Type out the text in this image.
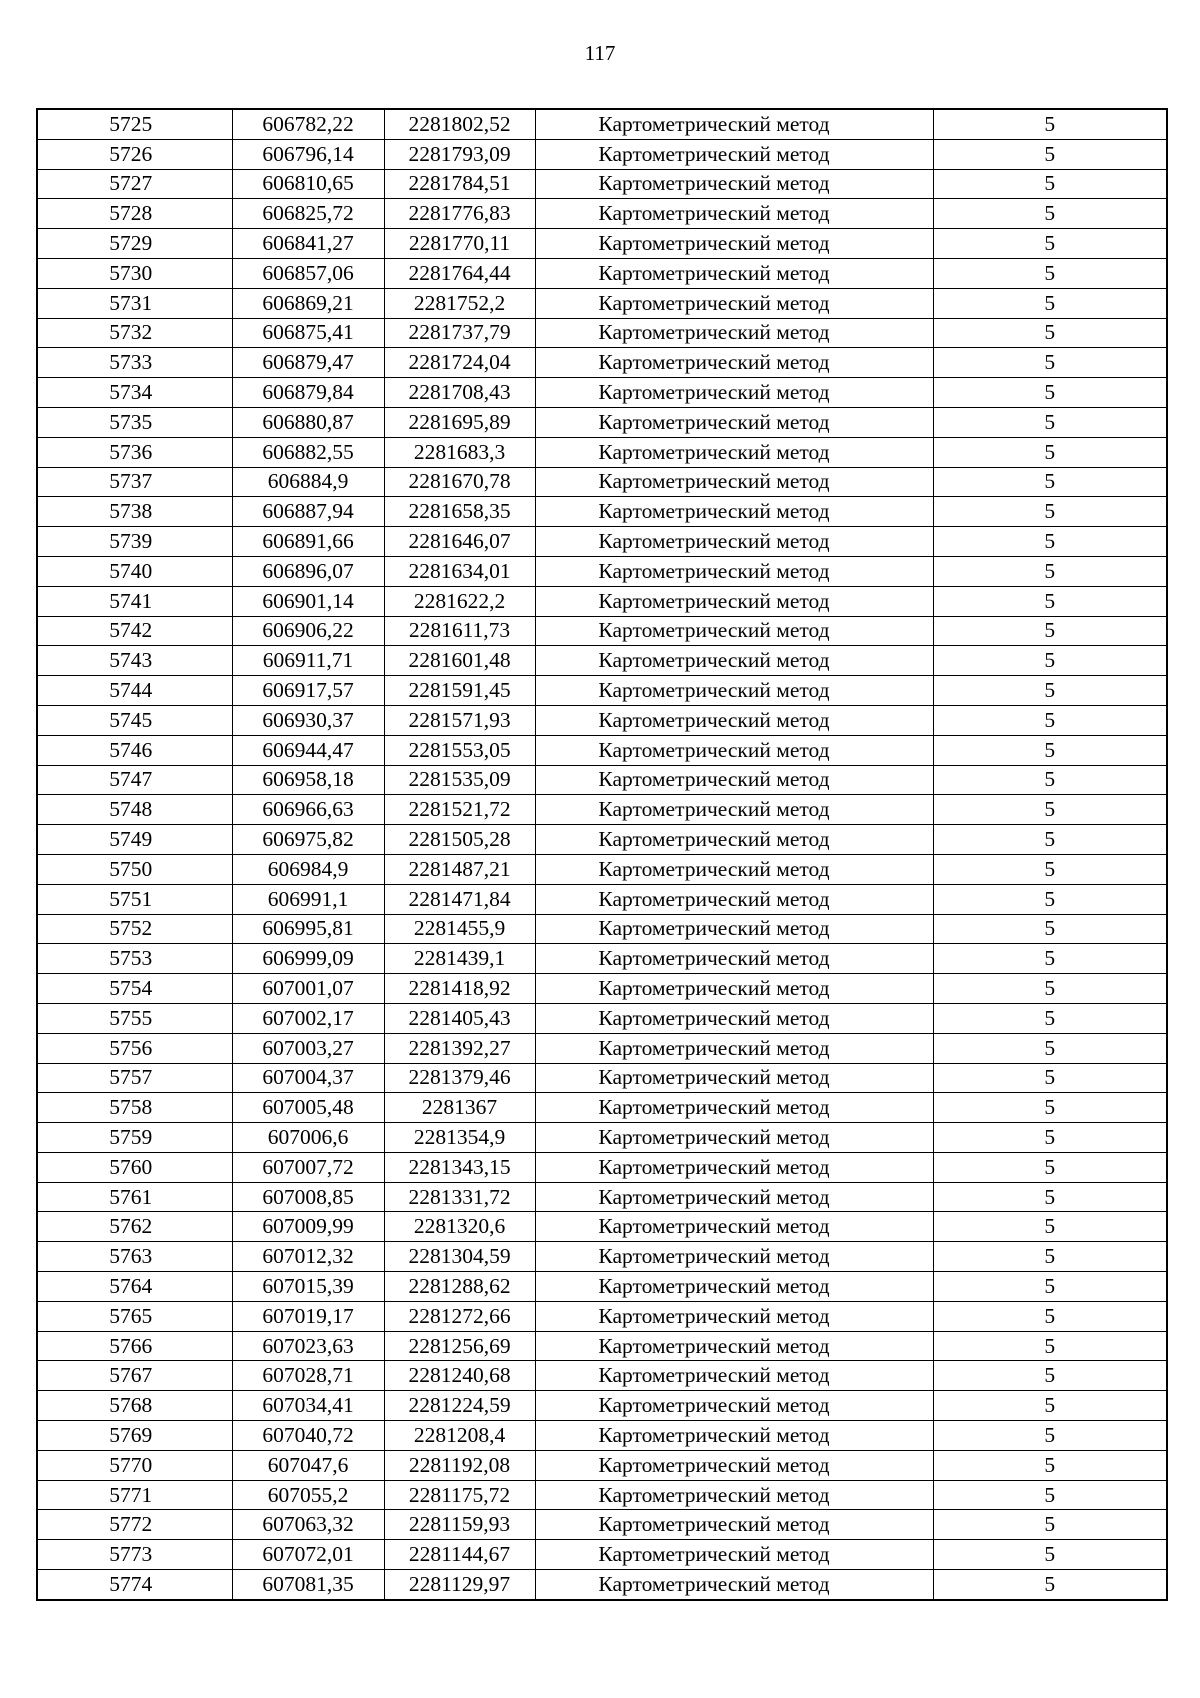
117
5725	606782,22	2281802,52	Картометрический метод	5
5726	606796,14	2281793,09	Картометрический метод	5
5727	606810,65	2281784,51	Картометрический метод	5
5728	606825,72	2281776,83	Картометрический метод	5
5729	606841,27	2281770,11	Картометрический метод	5
5730	606857,06	2281764,44	Картометрический метод	5
5731	606869,21	2281752,2	Картометрический метод	5
5732	606875,41	2281737,79	Картометрический метод	5
5733	606879,47	2281724,04	Картометрический метод	5
5734	606879,84	2281708,43	Картометрический метод	5
5735	606880,87	2281695,89	Картометрический метод	5
5736	606882,55	2281683,3	Картометрический метод	5
5737	606884,9	2281670,78	Картометрический метод	5
5738	606887,94	2281658,35	Картометрический метод	5
5739	606891,66	2281646,07	Картометрический метод	5
5740	606896,07	2281634,01	Картометрический метод	5
5741	606901,14	2281622,2	Картометрический метод	5
5742	606906,22	2281611,73	Картометрический метод	5
5743	606911,71	2281601,48	Картометрический метод	5
5744	606917,57	2281591,45	Картометрический метод	5
5745	606930,37	2281571,93	Картометрический метод	5
5746	606944,47	2281553,05	Картометрический метод	5
5747	606958,18	2281535,09	Картометрический метод	5
5748	606966,63	2281521,72	Картометрический метод	5
5749	606975,82	2281505,28	Картометрический метод	5
5750	606984,9	2281487,21	Картометрический метод	5
5751	606991,1	2281471,84	Картометрический метод	5
5752	606995,81	2281455,9	Картометрический метод	5
5753	606999,09	2281439,1	Картометрический метод	5
5754	607001,07	2281418,92	Картометрический метод	5
5755	607002,17	2281405,43	Картометрический метод	5
5756	607003,27	2281392,27	Картометрический метод	5
5757	607004,37	2281379,46	Картометрический метод	5
5758	607005,48	2281367	Картометрический метод	5
5759	607006,6	2281354,9	Картометрический метод	5
5760	607007,72	2281343,15	Картометрический метод	5
5761	607008,85	2281331,72	Картометрический метод	5
5762	607009,99	2281320,6	Картометрический метод	5
5763	607012,32	2281304,59	Картометрический метод	5
5764	607015,39	2281288,62	Картометрический метод	5
5765	607019,17	2281272,66	Картометрический метод	5
5766	607023,63	2281256,69	Картометрический метод	5
5767	607028,71	2281240,68	Картометрический метод	5
5768	607034,41	2281224,59	Картометрический метод	5
5769	607040,72	2281208,4	Картометрический метод	5
5770	607047,6	2281192,08	Картометрический метод	5
5771	607055,2	2281175,72	Картометрический метод	5
5772	607063,32	2281159,93	Картометрический метод	5
5773	607072,01	2281144,67	Картометрический метод	5
5774	607081,35	2281129,97	Картометрический метод	5
